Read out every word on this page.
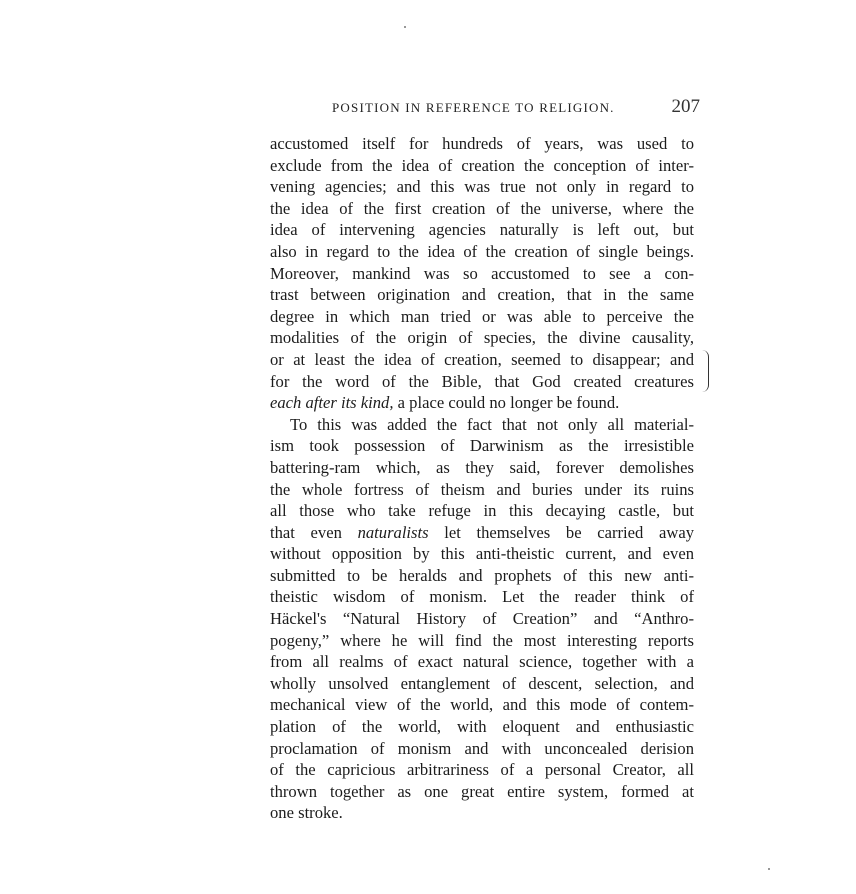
POSITION IN REFERENCE TO RELIGION.	207
accustomed itself for hundreds of years, was used to
exclude from the idea of creation the conception of inter-
vening agencies; and this was true not only in regard to
the idea of the first creation of the universe, where the
idea of intervening agencies naturally is left out, but
also in regard to the idea of the creation of single beings.
Moreover, mankind was so accustomed to see a con-
trast between origination and creation, that in the same
degree in which man tried or was able to perceive the
modalities of the origin of species, the divine causality,
or at least the idea of creation, seemed to disappear; and
for the word of the Bible, that God created creatures
each after its kind, a place could no longer be found.
To this was added the fact that not only all material-
ism took possession of Darwinism as the irresistible
battering-ram which, as they said, forever demolishes
the whole fortress of theism and buries under its ruins
all those who take refuge in this decaying castle, but
that even naturalists let themselves be carried away
without opposition by this anti-theistic current, and even
submitted to be heralds and prophets of this new anti-
theistic wisdom of monism. Let the reader think of
Häckel's “Natural History of Creation” and “Anthro-
pogeny,” where he will find the most interesting reports
from all realms of exact natural science, together with a
wholly unsolved entanglement of descent, selection, and
mechanical view of the world, and this mode of contem-
plation of the world, with eloquent and enthusiastic
proclamation of monism and with unconcealed derision
of the capricious arbitrariness of a personal Creator, all
thrown together as one great entire system, formed at
one stroke.
